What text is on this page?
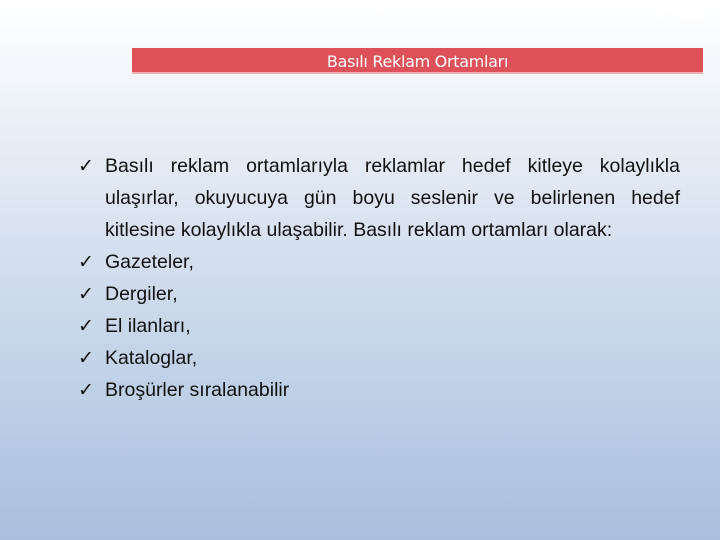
7. Hafta
Basılı Reklam Ortamları
✓ Basılı reklam ortamlarıyla reklamlar hedef kitleye kolaylıkla ulaşırlar, okuyucuya gün boyu seslenir ve belirlenen hedef kitlesine kolaylıkla ulaşabilir. Basılı reklam ortamları olarak:
✓ Gazeteler,
✓ Dergiler,
✓ El ilanları,
✓ Kataloglar,
✓ Broşürler sıralanabilir
